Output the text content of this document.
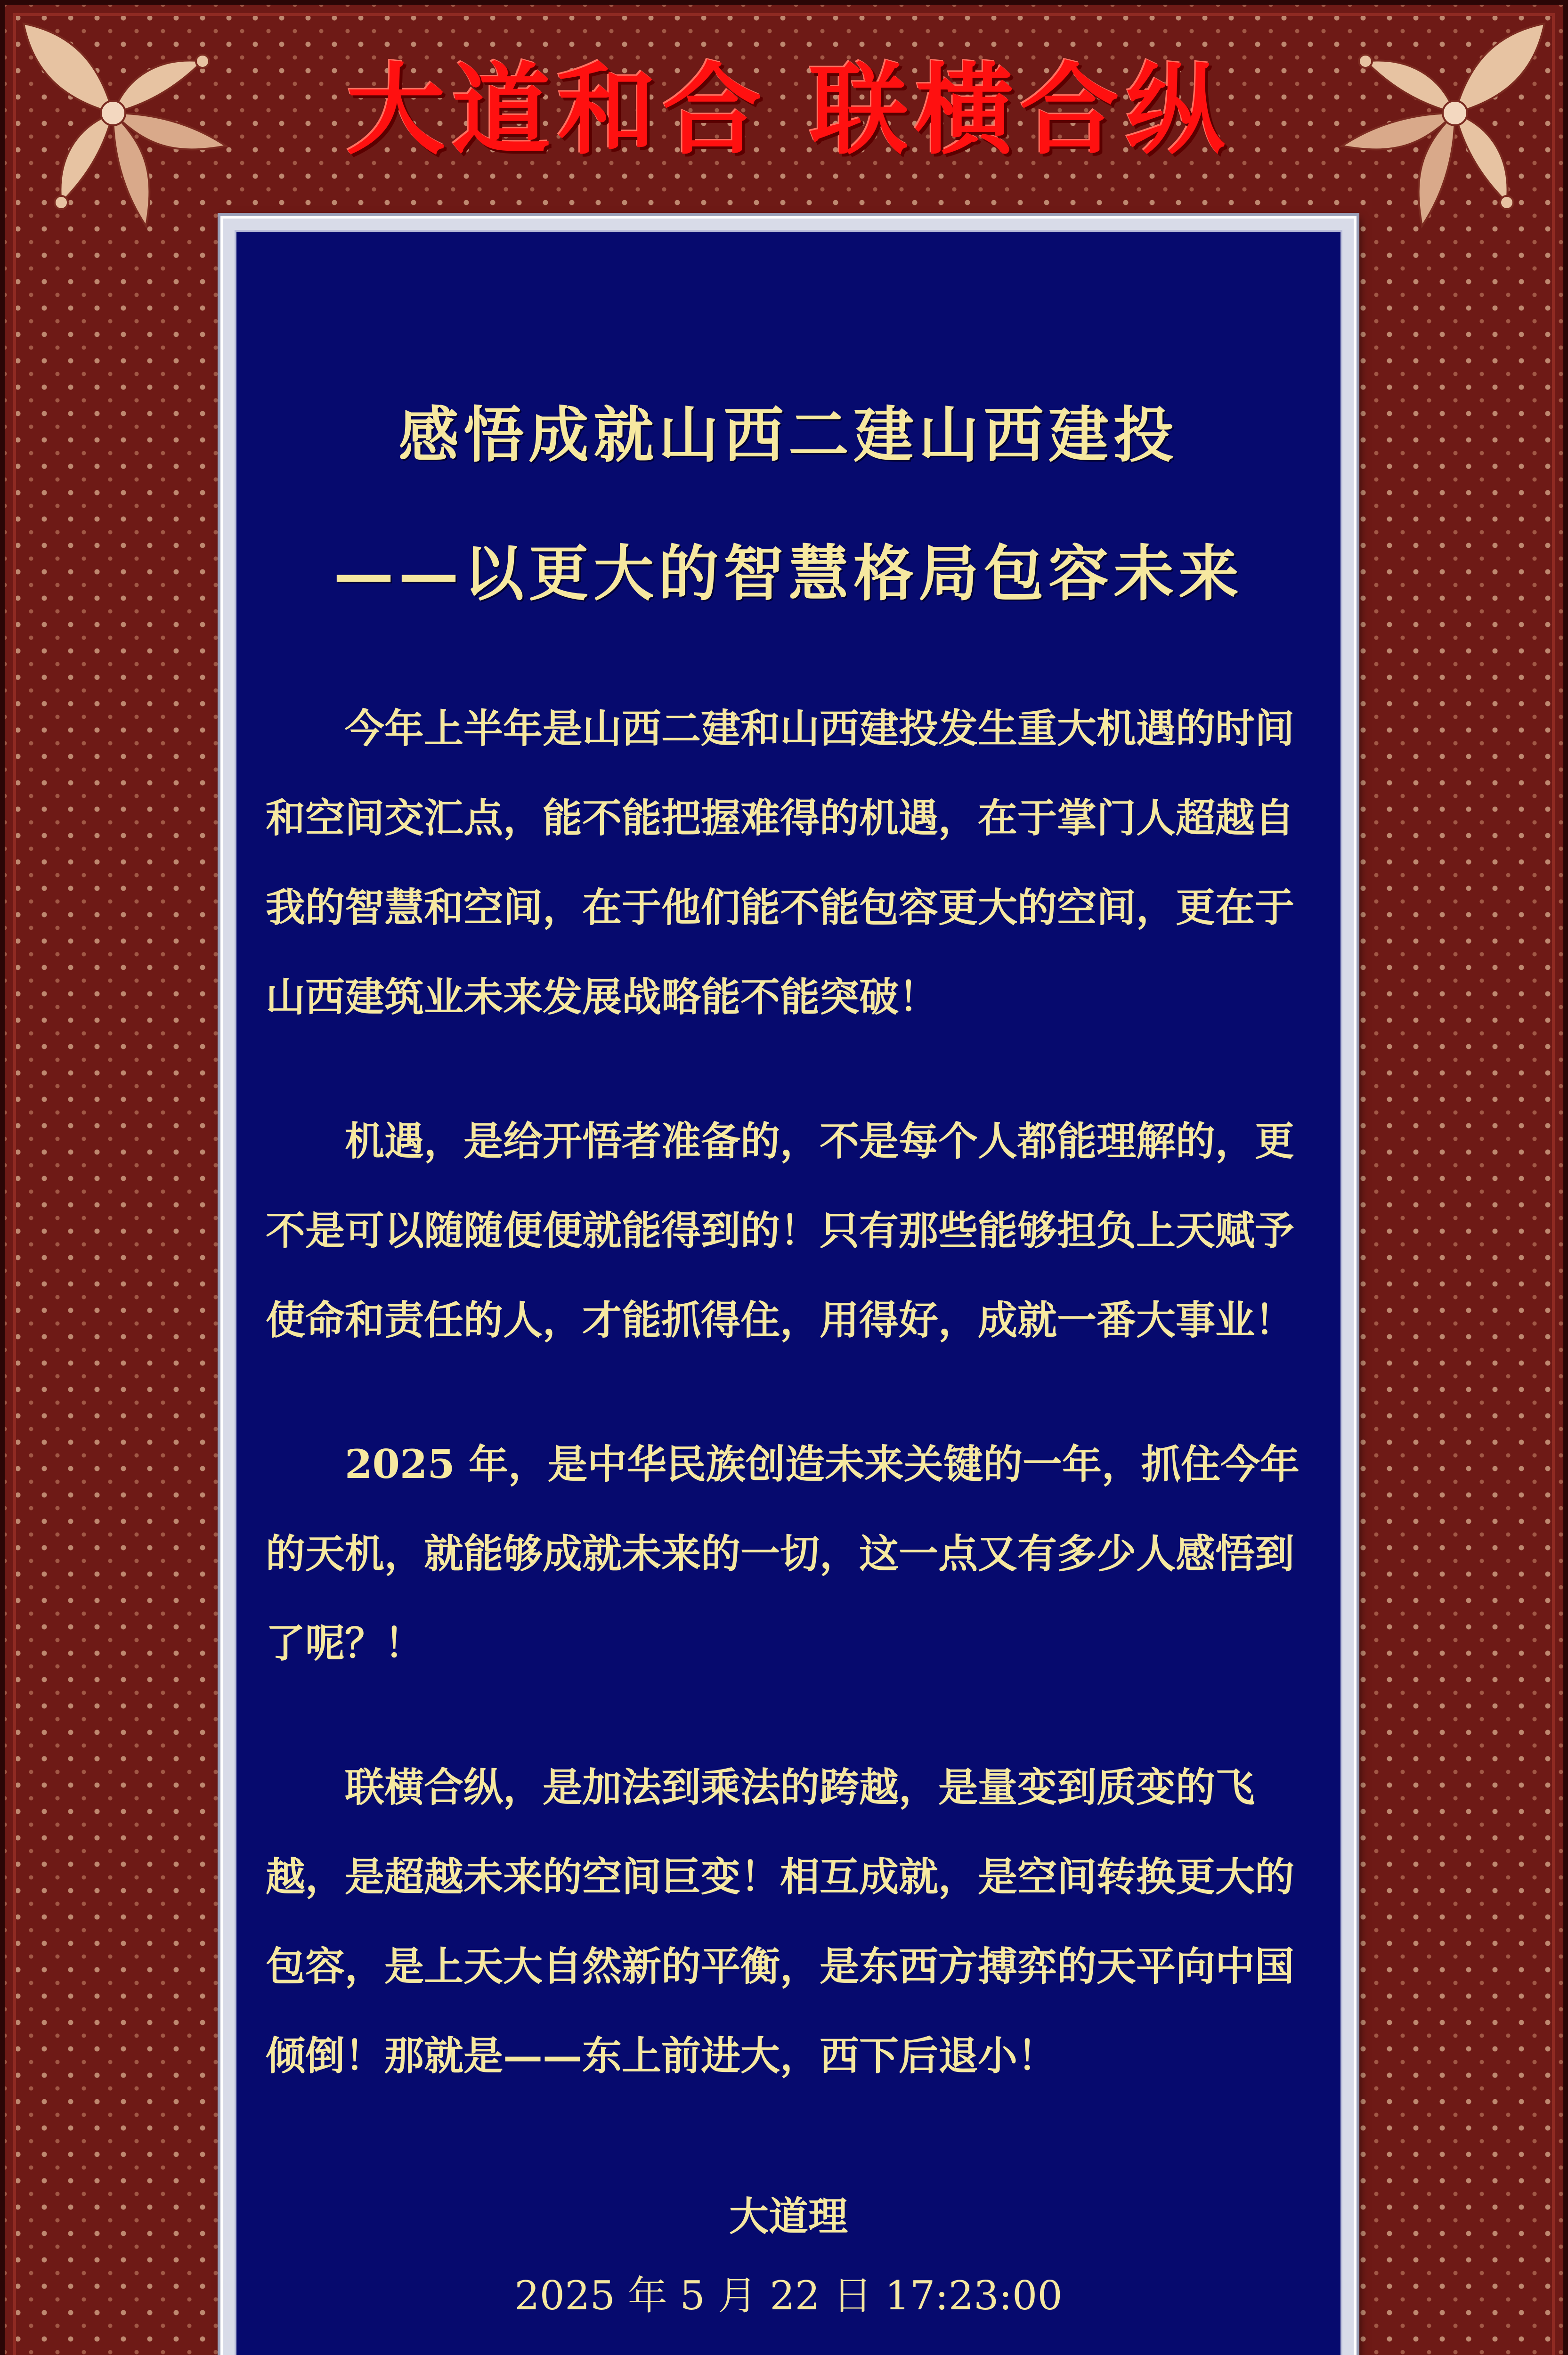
大道和合 联横合纵
感悟成就山西二建山西建投
——以更大的智慧格局包容未来

今年上半年是山西二建和山西建投发生重大机遇的时间和空间交汇点，能不能把握难得的机遇，在于掌门人超越自我的智慧和空间，在于他们能不能包容更大的空间，更在于山西建筑业未来发展战略能不能突破！

机遇，是给开悟者准备的，不是每个人都能理解的，更不是可以随随便便就能得到的！只有那些能够担负上天赋予使命和责任的人，才能抓得住，用得好，成就一番大事业！

2025 年，是中华民族创造未来关键的一年，抓住今年的天机，就能够成就未来的一切，这一点又有多少人感悟到了呢？！

联横合纵，是加法到乘法的跨越，是量变到质变的飞越，是超越未来的空间巨变！相互成就，是空间转换更大的包容，是上天大自然新的平衡，是东西方搏弈的天平向中国倾倒！那就是——东上前进大，西下后退小！

大道理
2025 年 5 月 22 日 17:23:00
